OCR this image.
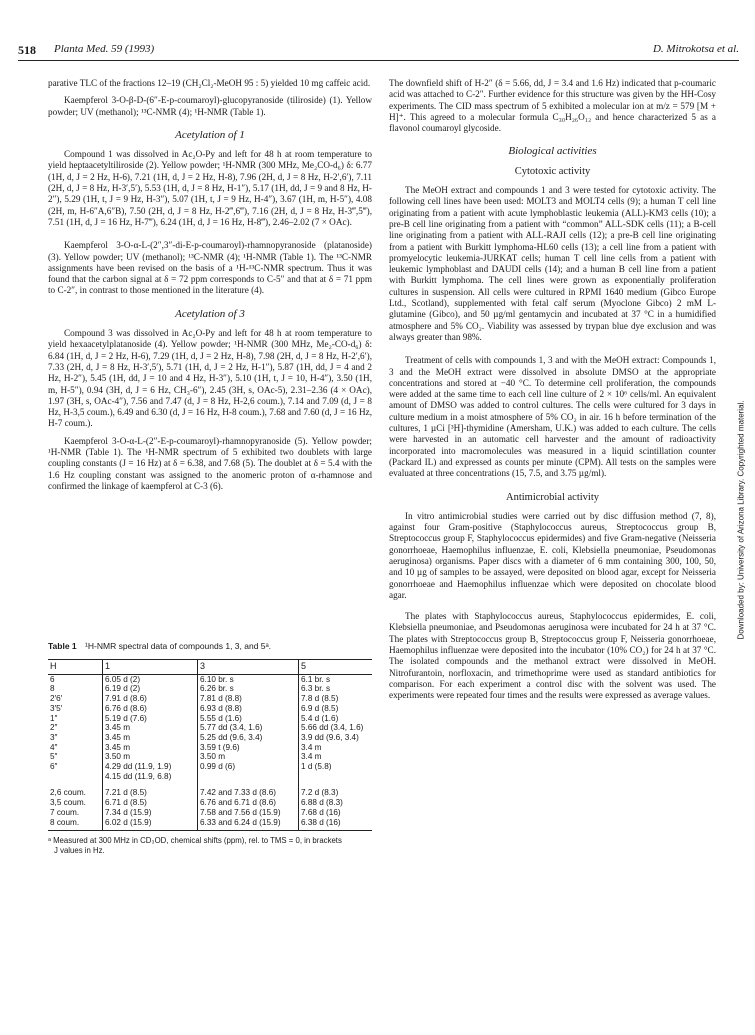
518 Planta Med. 59 (1993)	D. Mitrokotsa et al.

parative TLC of the fractions 12–19 (CH₂Cl₂-MeOH 95 : 5) yielded 10 mg caffeic acid.

Kaempferol 3-O-β-D-(6″-E-p-coumaroyl)-glucopyranoside (tiliroside) (1). Yellow powder; UV (methanol); ¹³C-NMR (4); ¹H-NMR (Table 1).

Acetylation of 1

Compound 1 was dissolved in Ac₂O-Py and left for 48 h at room temperature to yield heptaacetyltiliroside (2). Yellow powder; ¹H-NMR (300 MHz, Me₂CO-d₆) δ: 6.77 (1H, d, J = 2 Hz, H-6), 7.21 (1H, d, J = 2 Hz, H-8), 7.96 (2H, d, J = 8 Hz, H-2′,6′), 7.11 (2H, d, J = 8 Hz, H-3′,5′), 5.53 (1H, d, J = 8 Hz, H-1″), 5.17 (1H, dd, J = 9 and 8 Hz, H-2″), 5.29 (1H, t, J = 9 Hz, H-3″), 5.07 (1H, t, J = 9 Hz, H-4″), 3.67 (1H, m, H-5″), 4.08 (2H, m, H-6″A,6″B), 7.50 (2H, d, J = 8 Hz, H-2‴,6‴), 7.16 (2H, d, J = 8 Hz, H-3‴,5‴), 7.51 (1H, d, J = 16 Hz, H-7‴), 6.24 (1H, d, J = 16 Hz, H-8‴), 2.46–2.02 (7 × OAc).

Kaempferol 3-O-α-L-(2″,3″-di-E-p-coumaroyl)-rhamnopyranoside (platanoside) (3). Yellow powder; UV (methanol); ¹³C-NMR (4); ¹H-NMR (Table 1). The ¹³C-NMR assignments have been revised on the basis of a ¹H-¹³C-NMR spectrum. Thus it was found that the carbon signal at δ = 72 ppm corresponds to C-5″ and that at δ = 71 ppm to C-2″, in contrast to those mentioned in the literature (4).

Acetylation of 3

Compound 3 was dissolved in Ac₂O-Py and left for 48 h at room temperature to yield hexaacetylplatanoside (4). Yellow powder; ¹H-NMR (300 MHz, Me₂-CO-d₆) δ: 6.84 (1H, d, J = 2 Hz, H-6), 7.29 (1H, d, J = 2 Hz, H-8), 7.98 (2H, d, J = 8 Hz, H-2′,6′), 7.33 (2H, d, J = 8 Hz, H-3′,5′), 5.71 (1H, d, J = 2 Hz, H-1″), 5.87 (1H, dd, J = 4 and 2 Hz, H-2″), 5.45 (1H, dd, J = 10 and 4 Hz, H-3″), 5.10 (1H, t, J = 10, H-4″), 3.50 (1H, m, H-5″), 0.94 (3H, d, J = 6 Hz, CH₃-6″), 2.45 (3H, s, OAc-5), 2.31–2.36 (4 × OAc), 1.97 (3H, s, OAc-4″), 7.56 and 7.47 (d, J = 8 Hz, H-2,6 coum.), 7.14 and 7.09 (d, J = 8 Hz, H-3,5 coum.), 6.49 and 6.30 (d, J = 16 Hz, H-8 coum.), 7.68 and 7.60 (d, J = 16 Hz, H-7 coum.).

Kaempferol 3-O-α-L-(2″-E-p-coumaroyl)-rhamnopyranoside (5). Yellow powder; ¹H-NMR (Table 1). The ¹H-NMR spectrum of 5 exhibited two doublets with large coupling constants (J = 16 Hz) at δ = 6.38, and 7.68 (5). The doublet at δ = 5.4 with the 1.6 Hz coupling constant was assigned to the anomeric proton of α-rhamnose and confirmed the linkage of kaempferol at C-3 (6).

Table 1 ¹H-NMR spectral data of compounds 1, 3, and 5ᵃ.
H	1	3	5
6	6.05 d (2)	6.10 br. s	6.1 br. s
8	6.19 d (2)	6.26 br. s	6.3 br. s
2′6′	7.91 d (8.6)	7.81 d (8.8)	7.8 d (8.5)
3′5′	6.76 d (8.6)	6.93 d (8.8)	6.9 d (8.5)
1″	5.19 d (7.6)	5.55 d (1.6)	5.4 d (1.6)
2″	3.45 m	5.77 dd (3.4, 1.6)	5.66 dd (3.4, 1.6)
3″	3.45 m	5.25 dd (9.6, 3.4)	3.9 dd (9.6, 3.4)
4″	3.45 m	3.59 t (9.6)	3.4 m
5″	3.50 m	3.50 m	3.4 m
6″	4.29 dd (11.9, 1.9)	0.99 d (6)	1 d (5.8)
	4.15 dd (11.9, 6.8)		

2,6 coum.	7.21 d (8.5)	7.42 and 7.33 d (8.6)	7.2 d (8.3)
3,5 coum.	6.71 d (8.5)	6.76 and 6.71 d (8.6)	6.88 d (8.3)
7 coum.	7.34 d (15.9)	7.58 and 7.56 d (15.9)	7.68 d (16)
8 coum.	6.02 d (15.9)	6.33 and 6.24 d (15.9)	6.38 d (16)
ᵃ Measured at 300 MHz in CD₃OD, chemical shifts (ppm), rel. to TMS = 0, in brackets
J values in Hz.

The downfield shift of H-2″ (δ = 5.66, dd, J = 3.4 and 1.6 Hz) indicated that p-coumaric acid was attached to C-2″. Further evidence for this structure was given by the HH-Cosy experiments. The CID mass spectrum of 5 exhibited a molecular ion at m/z = 579 [M + H]⁺. This agreed to a molecular formula C₃₀H₂₆O₁₂ and hence characterized 5 as a flavonol coumaroyl glycoside.

Biological activities
Cytotoxic activity

The MeOH extract and compounds 1 and 3 were tested for cytotoxic activity. The following cell lines have been used: MOLT3 and MOLT4 cells (9); a human T cell line originating from a patient with acute lymphoblastic leukemia (ALL)-KM3 cells (10); a pre-B cell line originating from a patient with “common” ALL-SDK cells (11); a B-cell line originating from a patient with ALL-RAJI cells (12); a pre-B cell line originating from a patient with Burkitt lymphoma-HL60 cells (13); a cell line from a patient with promyelocytic leukemia-JURKAT cells; human T cell line cells from a patient with leukemic lymphoblast and DAUDI cells (14); and a human B cell line from a patient with Burkitt lymphoma. The cell lines were grown as exponentially proliferation cultures in suspension. All cells were cultured in RPMI 1640 medium (Gibco Europe Ltd., Scotland), supplemented with fetal calf serum (Myoclone Gibco) 2 mM L-glutamine (Gibco), and 50 µg/ml gentamycin and incubated at 37 °C in a humidified atmosphere and 5% CO₂. Viability was assessed by trypan blue dye exclusion and was always greater than 98%.

Treatment of cells with compounds 1, 3 and with the MeOH extract: Compounds 1, 3 and the MeOH extract were dissolved in absolute DMSO at the appropriate concentrations and stored at −40 °C. To determine cell proliferation, the compounds were added at the same time to each cell line culture of 2 × 10⁶ cells/ml. An equivalent amount of DMSO was added to control cultures. The cells were cultured for 3 days in culture medium in a moist atmosphere of 5% CO₂ in air. 16 h before termination of the cultures, 1 µCi [³H]-thymidine (Amersham, U.K.) was added to each culture. The cells were harvested in an automatic cell harvester and the amount of radioactivity incorporated into macromolecules was measured in a liquid scintillation counter (Packard IL) and expressed as counts per minute (CPM). All tests on the samples were evaluated at three concentrations (15, 7.5, and 3.75 µg/ml).

Antimicrobial activity

In vitro antimicrobial studies were carried out by disc diffusion method (7, 8), against four Gram-positive (Staphylococcus aureus, Streptococcus group B, Streptococcus group F, Staphylococcus epidermides) and five Gram-negative (Neisseria gonorrhoeae, Haemophilus influenzae, E. coli, Klebsiella pneumoniae, Pseudomonas aeruginosa) organisms. Paper discs with a diameter of 6 mm containing 300, 100, 50, and 10 µg of samples to be assayed, were deposited on blood agar, except for Neisseria gonorrhoeae and Haemophilus influenzae which were deposited on chocolate blood agar.

The plates with Staphylococcus aureus, Staphylococcus epidermides, E. coli, Klebsiella pneumoniae, and Pseudomonas aeruginosa were incubated for 24 h at 37 °C. The plates with Streptococcus group B, Streptococcus group F, Neisseria gonorrhoeae, Haemophilus influenzae were deposited into the incubator (10% CO₂) for 24 h at 37 °C. The isolated compounds and the methanol extract were dissolved in MeOH. Nitrofurantoin, norfloxacin, and trimethoprime were used as standard antibiotics for comparison. For each experiment a control disc with the solvent was used. The experiments were repeated four times and the results were expressed as average values.

Downloaded by: University of Arizona Library. Copyrighted material.
